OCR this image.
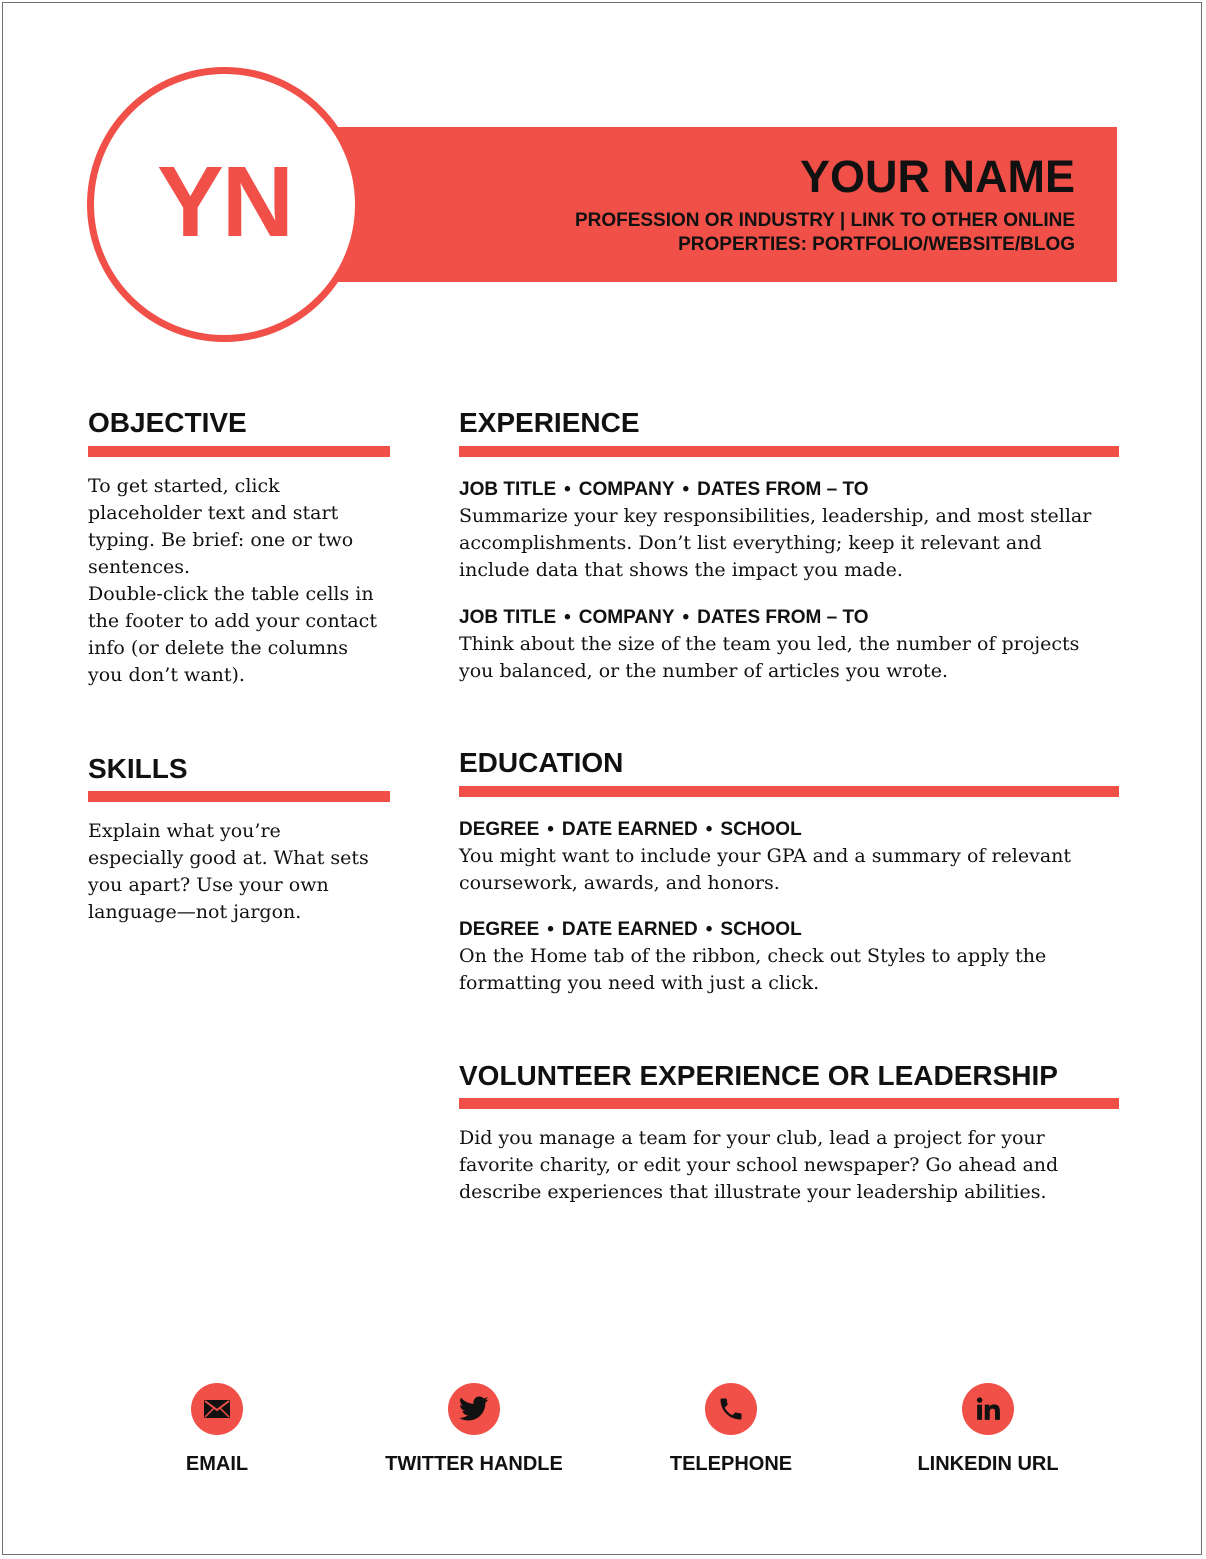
YN	YOUR NAME
PROFESSION OR INDUSTRY | LINK TO OTHER ONLINE
PROPERTIES: PORTFOLIO/WEBSITE/BLOG
OBJECTIVE
To get started, click
placeholder text and start
typing. Be brief: one or two
sentences.
Double-click the table cells in
the footer to add your contact
info (or delete the columns
you don’t want).
SKILLS
Explain what you’re
especially good at. What sets
you apart? Use your own
language—not jargon.
EXPERIENCE
JOB TITLE • COMPANY • DATES FROM – TO
Summarize your key responsibilities, leadership, and most stellar
accomplishments. Don’t list everything; keep it relevant and
include data that shows the impact you made.
JOB TITLE • COMPANY • DATES FROM – TO
Think about the size of the team you led, the number of projects
you balanced, or the number of articles you wrote.
EDUCATION
DEGREE • DATE EARNED • SCHOOL
You might want to include your GPA and a summary of relevant
coursework, awards, and honors.
DEGREE • DATE EARNED • SCHOOL
On the Home tab of the ribbon, check out Styles to apply the
formatting you need with just a click.
VOLUNTEER EXPERIENCE OR LEADERSHIP
Did you manage a team for your club, lead a project for your
favorite charity, or edit your school newspaper? Go ahead and
describe experiences that illustrate your leadership abilities.
EMAIL	TWITTER HANDLE	TELEPHONE	LINKEDIN URL
